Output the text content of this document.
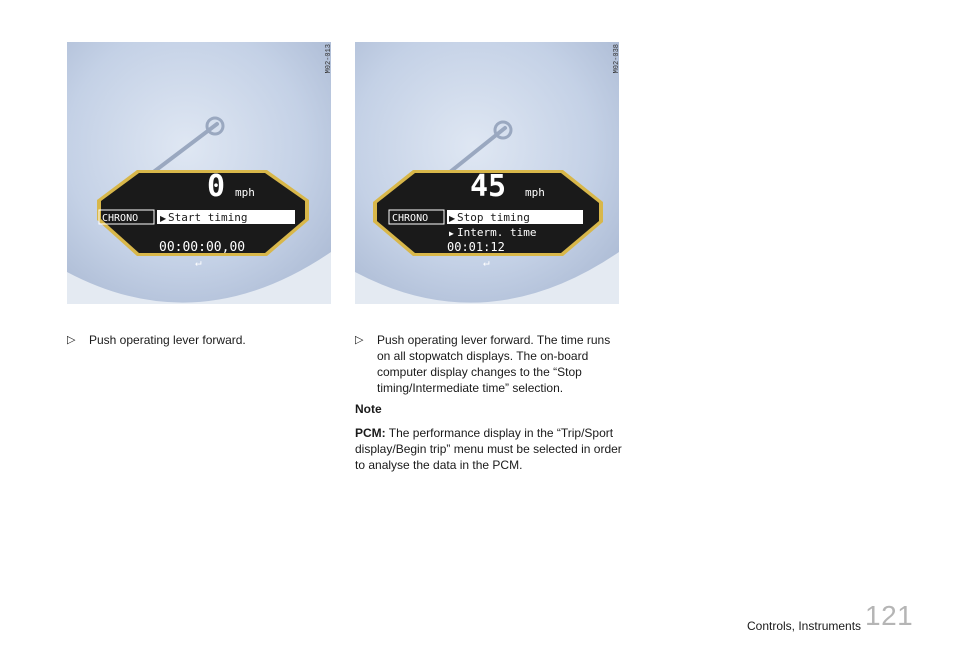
0 mph
CHRONO	▶ Start timing
00:00:00,00
↵
M02-013
45 mph
CHRONO	▶ Stop timing
▶ Interm. time
00:01:12
↵
M02-038
▷ Push operating lever forward.	▷ Push operating lever forward. The time runs on all stopwatch displays. The on-board computer display changes to the “Stop timing/Intermediate time” selection.
Note
PCM: The performance display in the “Trip/Sport display/Begin trip” menu must be selected in order to analyse the data in the PCM.
Controls, Instruments 121
